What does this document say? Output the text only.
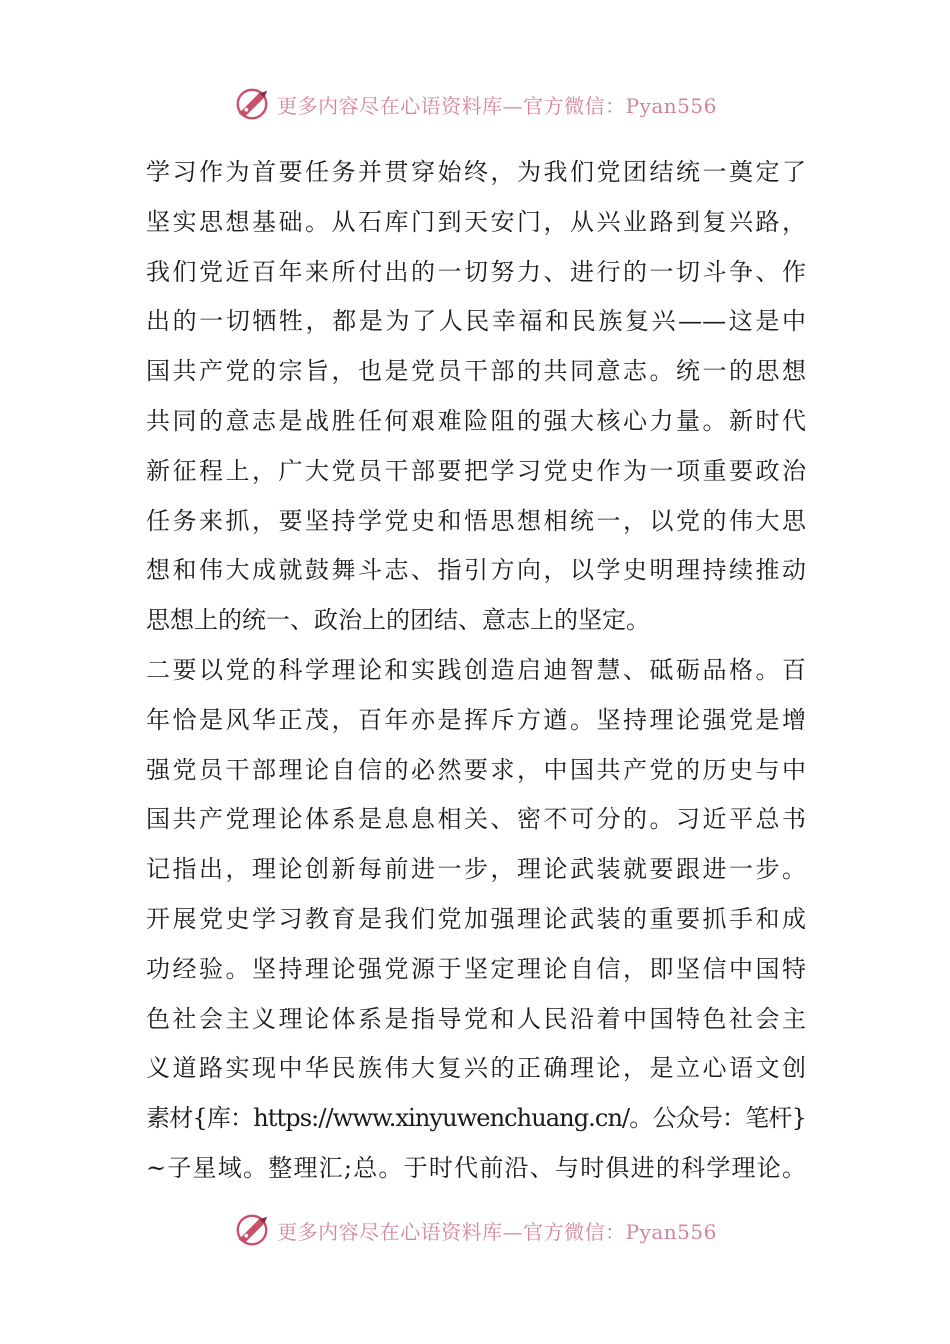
更多内容尽在心语资料库—官方微信：Pyan556
学习作为首要任务并贯穿始终，为我们党团结统一奠定了
坚实思想基础。从石库门到天安门，从兴业路到复兴路，
我们党近百年来所付出的一切努力、进行的一切斗争、作
出的一切牺牲，都是为了人民幸福和民族复兴——这是中
国共产党的宗旨，也是党员干部的共同意志。统一的思想
共同的意志是战胜任何艰难险阻的强大核心力量。新时代
新征程上，广大党员干部要把学习党史作为一项重要政治
任务来抓，要坚持学党史和悟思想相统一，以党的伟大思
想和伟大成就鼓舞斗志、指引方向，以学史明理持续推动
思想上的统一、政治上的团结、意志上的坚定。
二要以党的科学理论和实践创造启迪智慧、砥砺品格。百
年恰是风华正茂，百年亦是挥斥方遒。坚持理论强党是增
强党员干部理论自信的必然要求，中国共产党的历史与中
国共产党理论体系是息息相关、密不可分的。习近平总书
记指出，理论创新每前进一步，理论武装就要跟进一步。
开展党史学习教育是我们党加强理论武装的重要抓手和成
功经验。坚持理论强党源于坚定理论自信，即坚信中国特
色社会主义理论体系是指导党和人民沿着中国特色社会主
义道路实现中华民族伟大复兴的正确理论，是立心语文创
素材{库：https://www.xinyuwenchuang.cn/。公众号：笔杆}
~子星域。整理汇;总。于时代前沿、与时俱进的科学理论。
更多内容尽在心语资料库—官方微信：Pyan556
